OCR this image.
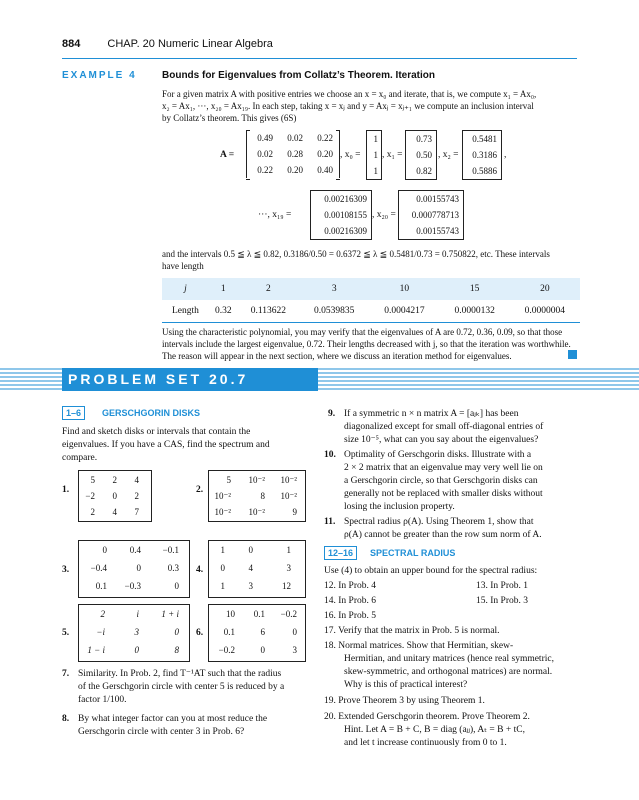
884 CHAP. 20 Numeric Linear Algebra
EXAMPLE 4	Bounds for Eigenvalues from Collatz’s Theorem. Iteration
For a given matrix A with positive entries we choose an x = x₀ and iterate, that is, we compute x₁ = Ax₀,
x₂ = Ax₁, ···, x₂₀ = Ax₁₉. In each step, taking x = xⱼ and y = Axⱼ = xⱼ₊₁ we compute an inclusion interval
by Collatz’s theorem. This gives (6S)
A =
0.49	0.02	0.22
0.02	0.28	0.20
0.22	0.20	0.40
, x₀ =
1
1
1
, x₁ =
0.73
0.50
0.82
, x₂ =
0.5481
0.3186
0.5886
,
···, x₁₉ =
0.00216309
0.00108155
0.00216309
, x₂₀ =
0.00155743
0.000778713
0.00155743
and the intervals 0.5 ≦ λ ≦ 0.82, 0.3186/0.50 = 0.6372 ≦ λ ≦ 0.5481/0.73 = 0.750822, etc. These intervals
have length
j	1	2	3	10	15	20
Length	0.32	0.113622	0.0539835	0.0004217	0.0000132	0.0000004
Using the characteristic polynomial, you may verify that the eigenvalues of A are 0.72, 0.36, 0.09, so that those
intervals include the largest eigenvalue, 0.72. Their lengths decreased with j, so that the iteration was worthwhile.
The reason will appear in the next section, where we discuss an iteration method for eigenvalues.
PROBLEM SET 20.7
1–6	GERSCHGORIN DISKS
Find and sketch disks or intervals that contain the
eigenvalues. If you have a CAS, find the spectrum and
compare.
1.
5	2	4
−2	0	2
2	4	7
2.
5	10⁻²	10⁻²
10⁻²	8	10⁻²
10⁻²	10⁻²	9
3.
0	0.4	−0.1
−0.4	0	0.3
0.1	−0.3	0
4.
1	0	1
0	4	3
1	3	12
5.
2	i	1 + i
−i	3	0
1 − i	0	8
6.
10	0.1	−0.2
0.1	6	0
−0.2	0	3
7. Similarity. In Prob. 2, find T⁻¹AT such that the radius
of the Gerschgorin circle with center 5 is reduced by a
factor 1/100.
8. By what integer factor can you at most reduce the
Gerschgorin circle with center 3 in Prob. 6?
9. If a symmetric n × n matrix A = [aⱼₖ] has been
diagonalized except for small off-diagonal entries of
size 10⁻⁵, what can you say about the eigenvalues?
10. Optimality of Gerschgorin disks. Illustrate with a
2 × 2 matrix that an eigenvalue may very well lie on
a Gerschgorin circle, so that Gerschgorin disks can
generally not be replaced with smaller disks without
losing the inclusion property.
11. Spectral radius ρ(A). Using Theorem 1, show that
ρ(A) cannot be greater than the row sum norm of A.
12–16	SPECTRAL RADIUS
Use (4) to obtain an upper bound for the spectral radius:
12. In Prob. 4	13. In Prob. 1
14. In Prob. 6	15. In Prob. 3
16. In Prob. 5
17. Verify that the matrix in Prob. 5 is normal.
18. Normal matrices. Show that Hermitian, skew-
Hermitian, and unitary matrices (hence real symmetric,
skew-symmetric, and orthogonal matrices) are normal.
Why is this of practical interest?
19. Prove Theorem 3 by using Theorem 1.
20. Extended Gerschgorin theorem. Prove Theorem 2.
Hint. Let A = B + C, B = diag (aⱼⱼ), Aₜ = B + tC,
and let t increase continuously from 0 to 1.
